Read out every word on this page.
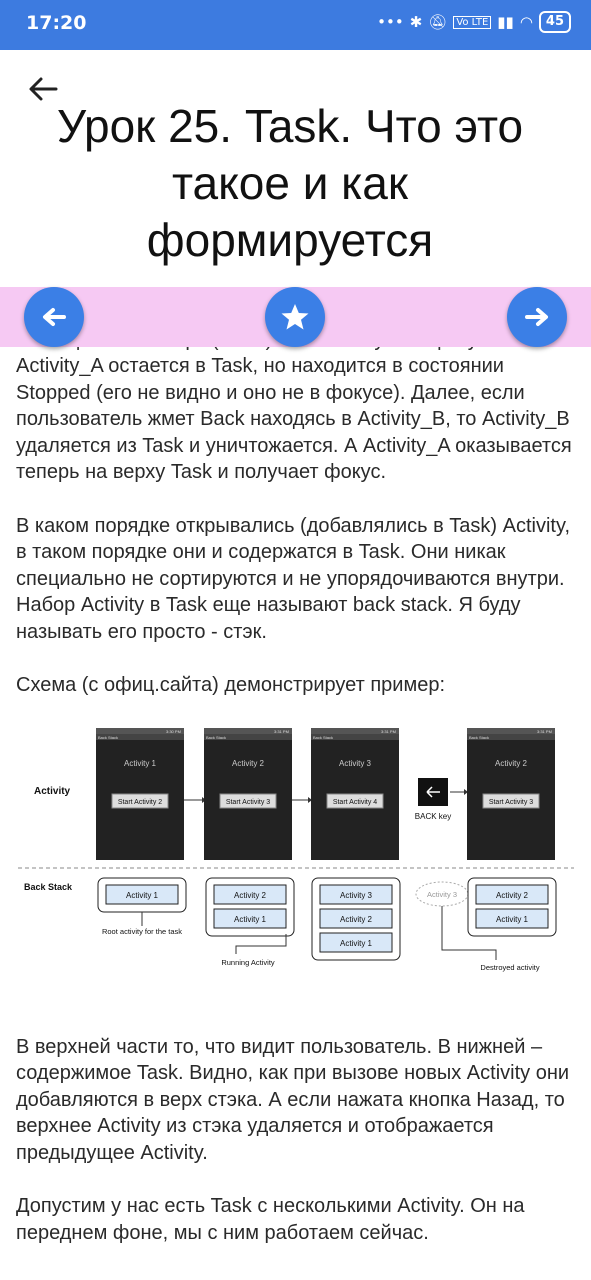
17:20	••• ✱ 🔕︎ Vo LTE ▮▮ ◠	45
Урок 25. Task. Что это такое и как формируется

Activity_A остается в Task, но находится в состоянии Stopped (его не видно и оно не в фокусе). Далее, если пользователь жмет Back находясь в Activity_B, то Activity_B удаляется из Task и уничтожается. А Activity_A оказывается теперь на верху Task и получает фокус.

В каком порядке открывались (добавлялись в Task) Activity, в таком порядке они и содержатся в Task. Они никак специально не сортируются и не упорядочиваются внутри. Набор Activity в Task еще называют back stack. Я буду называть его просто - стэк.

Схема (с офиц.сайта) демонстрирует пример:

Activity
Back Stack
Back Stack
3:30 PM
Activity 1
Start Activity 2
Back Stack
3:31 PM
Activity 2
Start Activity 3
Back Stack
3:31 PM
Activity 3
Start Activity 4
BACK key
Back Stack
3:31 PM
Activity 2
Start Activity 3
Activity 1
Root activity for the task
Activity 2
Activity 1
Activity 3
Activity 2
Activity 1
Running Activity
Activity 3
Destroyed activity
Activity 2
Activity 1

В верхней части то, что видит пользователь. В нижней – содержимое Task. Видно, как при вызове новых Activity они добавляются в верх стэка. А если нажата кнопка Назад, то верхнее Activity из стэка удаляется и отображается предыдущее Activity.

Допустим у нас есть Task с несколькими Activity. Он на переднем фоне, мы с ним работаем сейчас.
